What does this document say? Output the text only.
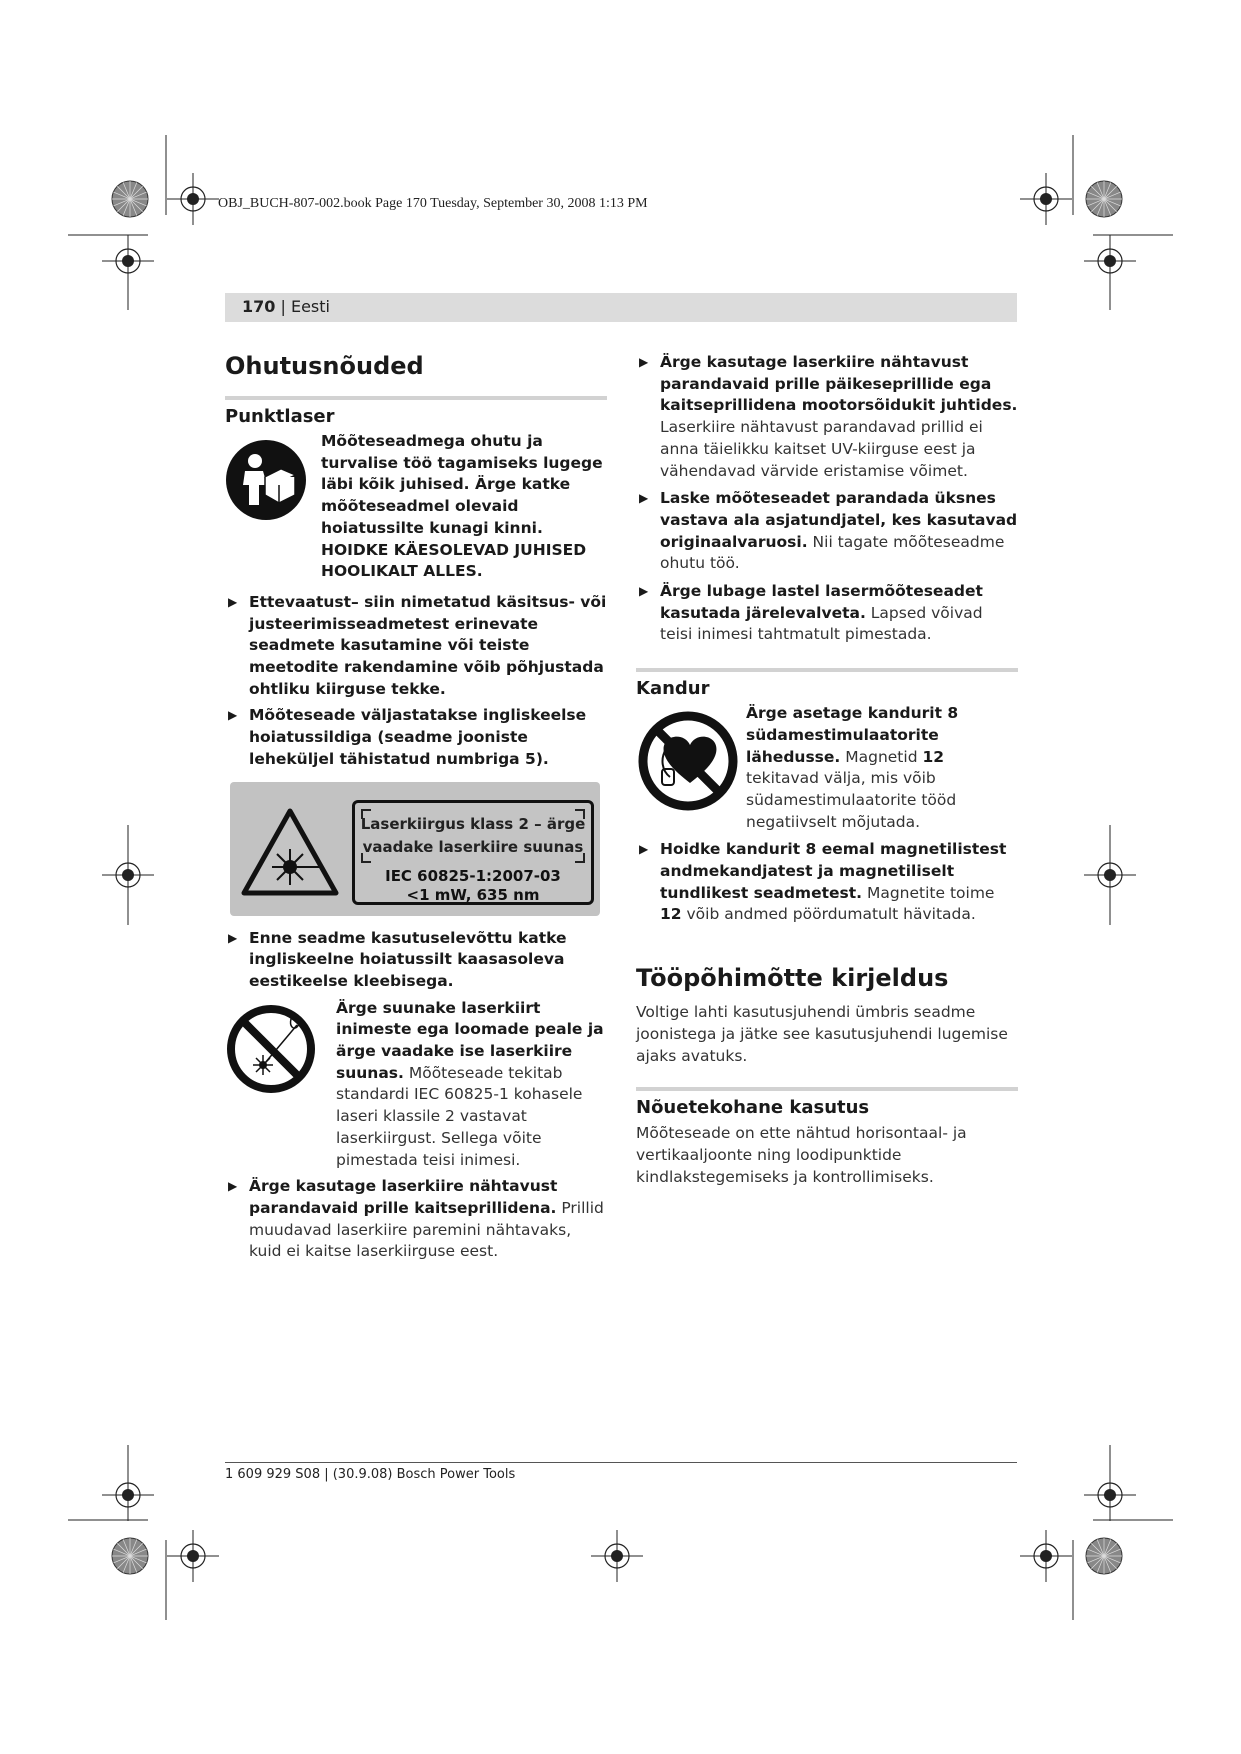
OBJ_BUCH-807-002.book Page 170 Tuesday, September 30, 2008 1:13 PM
170 | Eesti
Ohutusnõuded
Punktlaser

Mõõteseadmega ohutu ja turvalise töö tagamiseks lugege läbi kõik juhised. Ärge katke mõõteseadmel olevaid hoiatussilte kunagi kinni. HOIDKE KÄESOLEVAD JUHISED HOOLIKALT ALLES.

▶ Ettevaatust– siin nimetatud käsitsus- või justeerimisseadmetest erinevate seadmete kasutamine või teiste meetodite rakendamine võib põhjustada ohtliku kiirguse tekke.
▶ Mõõteseade väljastatakse ingliskeelse hoiatussildiga (seadme jooniste leheküljel tähistatud numbriga 5).
Laserkiirgus klass 2 – ärge
vaadake laserkiire suunas
IEC 60825-1:2007-03
<1 mW, 635 nm
▶ Enne seadme kasutuselevõttu katke ingliskeelne hoiatussilt kaasasoleva eestikeelse kleebisega.

Ärge suunake laserkiirt inimeste ega loomade peale ja ärge vaadake ise laserkiire suunas. Mõõteseade tekitab standardi IEC 60825-1 kohasele laseri klassile 2 vastavat laserkiirgust. Sellega võite pimestada teisi inimesi.

▶ Ärge kasutage laserkiire nähtavust parandavaid prille kaitseprillidena. Prillid muudavad laserkiire paremini nähtavaks, kuid ei kaitse laserkiirguse eest.
▶ Ärge kasutage laserkiire nähtavust parandavaid prille päikeseprillide ega kaitseprillidena mootorsõidukit juhtides. Laserkiire nähtavust parandavad prillid ei anna täielikku kaitset UV-kiirguse eest ja vähendavad värvide eristamise võimet.
▶ Laske mõõteseadet parandada üksnes vastava ala asjatundjatel, kes kasutavad originaalvaruosi. Nii tagate mõõteseadme ohutu töö.
▶ Ärge lubage lastel lasermõõteseadet kasutada järelevalveta. Lapsed võivad teisi inimesi tahtmatult pimestada.
Kandur

Ärge asetage kandurit 8 südamestimulaatorite lähedusse. Magnetid 12 tekitavad välja, mis võib südamestimulaatorite tööd negatiivselt mõjutada.

▶ Hoidke kandurit 8 eemal magnetilistest andmekandjatest ja magnetiliselt tundlikest seadmetest. Magnetite toime 12 võib andmed pöördumatult hävitada.
Tööpõhimõtte kirjeldus

Voltige lahti kasutusjuhendi ümbris seadme joonistega ja jätke see kasutusjuhendi lugemise ajaks avatuks.

Nõuetekohane kasutus

Mõõteseade on ette nähtud horisontaal- ja vertikaaljoonte ning loodipunktide kindlakstegemiseks ja kontrollimiseks.

1 609 929 S08 | (30.9.08) Bosch Power Tools
